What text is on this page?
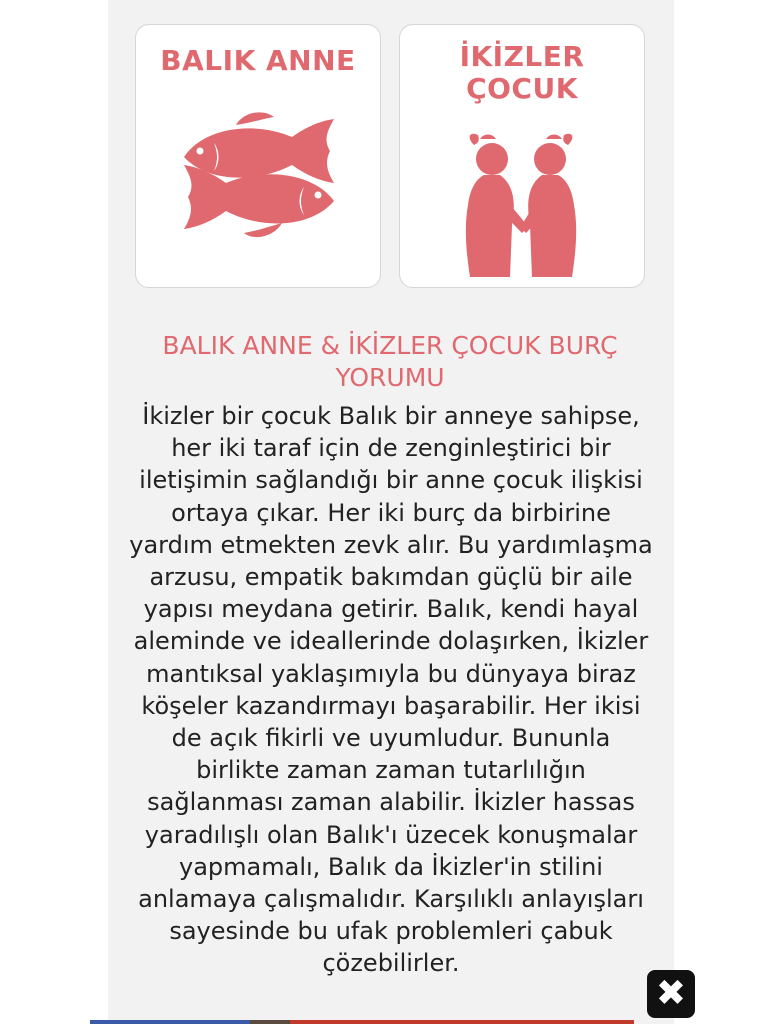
BALIK ANNE	İKİZLER
ÇOCUK
BALIK ANNE & İKİZLER ÇOCUK BURÇ YORUMU
İkizler bir çocuk Balık bir anneye sahipse, her iki taraf için de zenginleştirici bir iletişimin sağlandığı bir anne çocuk ilişkisi ortaya çıkar. Her iki burç da birbirine yardım etmekten zevk alır. Bu yardımlaşma arzusu, empatik bakımdan güçlü bir aile yapısı meydana getirir. Balık, kendi hayal aleminde ve ideallerinde dolaşırken, İkizler mantıksal yaklaşımıyla bu dünyaya biraz köşeler kazandırmayı başarabilir. Her ikisi de açık fikirli ve uyumludur. Bununla birlikte zaman zaman tutarlılığın sağlanması zaman alabilir. İkizler hassas yaradılışlı olan Balık'ı üzecek konuşmalar yapmamalı, Balık da İkizler'in stilini anlamaya çalışmalıdır. Karşılıklı anlayışları sayesinde bu ufak problemleri çabuk çözebilirler.
✖
